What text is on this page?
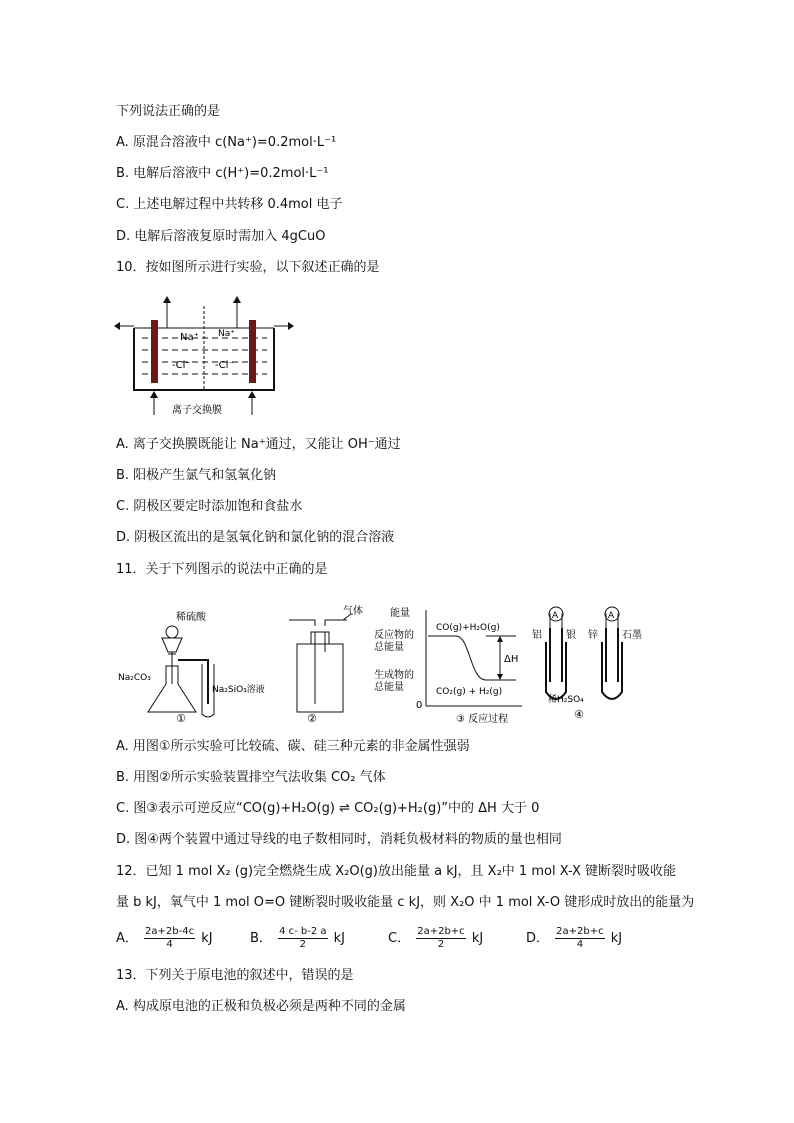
下列说法正确的是
A. 原混合溶液中 c(Na⁺)=0.2mol·L⁻¹
B. 电解后溶液中 c(H⁺)=0.2mol·L⁻¹
C. 上述电解过程中共转移 0.4mol 电子
D. 电解后溶液复原时需加入 4gCuO
10．按如图所示进行实验，以下叙述正确的是
Na⁺ Na⁺
-Cl⁻ -Cl⁻
离子交换膜
A. 离子交换膜既能让 Na⁺通过，又能让 OH⁻通过
B. 阳极产生氯气和氢氧化钠
C. 阴极区要定时添加饱和食盐水
D. 阴极区流出的是氢氧化钠和氯化钠的混合溶液
11．关于下列图示的说法中正确的是
稀硫酸
Na₂CO₃
Na₂SiO₃溶液
①
气体
②
能量
反应物的
总能量
生成物的
总能量
0
CO(g)+H₂O(g)
CO₂(g) + H₂(g)
ΔH
③ 反应过程
A	A
铝 银 锌 石墨
稀H₂SO₄
④
A. 用图①所示实验可比较硫、碳、硅三种元素的非金属性强弱
B. 用图②所示实验装置排空气法收集 CO₂ 气体
C. 图③表示可逆反应“CO(g)+H₂O(g) ⇌ CO₂(g)+H₂(g)”中的 ΔH 大于 0
D. 图④两个装置中通过导线的电子数相同时，消耗负极材料的物质的量也相同
12．已知 1 mol X₂ (g)完全燃烧生成 X₂O(g)放出能量 a kJ，且 X₂中 1 mol X-X 键断裂时吸收能
量 b kJ，氧气中 1 mol O=O 键断裂时吸收能量 c kJ，则 X₂O 中 1 mol X-O 键形成时放出的能量为
A． $\frac{2a+2b-4c}{4}$ kJ	B． $\frac{4 c- b-2 a}{2}$ kJ	C． $\frac{2a+2b+c}{2}$ kJ	D． $\frac{2a+2b+c}{4}$ kJ
13．下列关于原电池的叙述中，错误的是
A. 构成原电池的正极和负极必须是两种不同的金属
